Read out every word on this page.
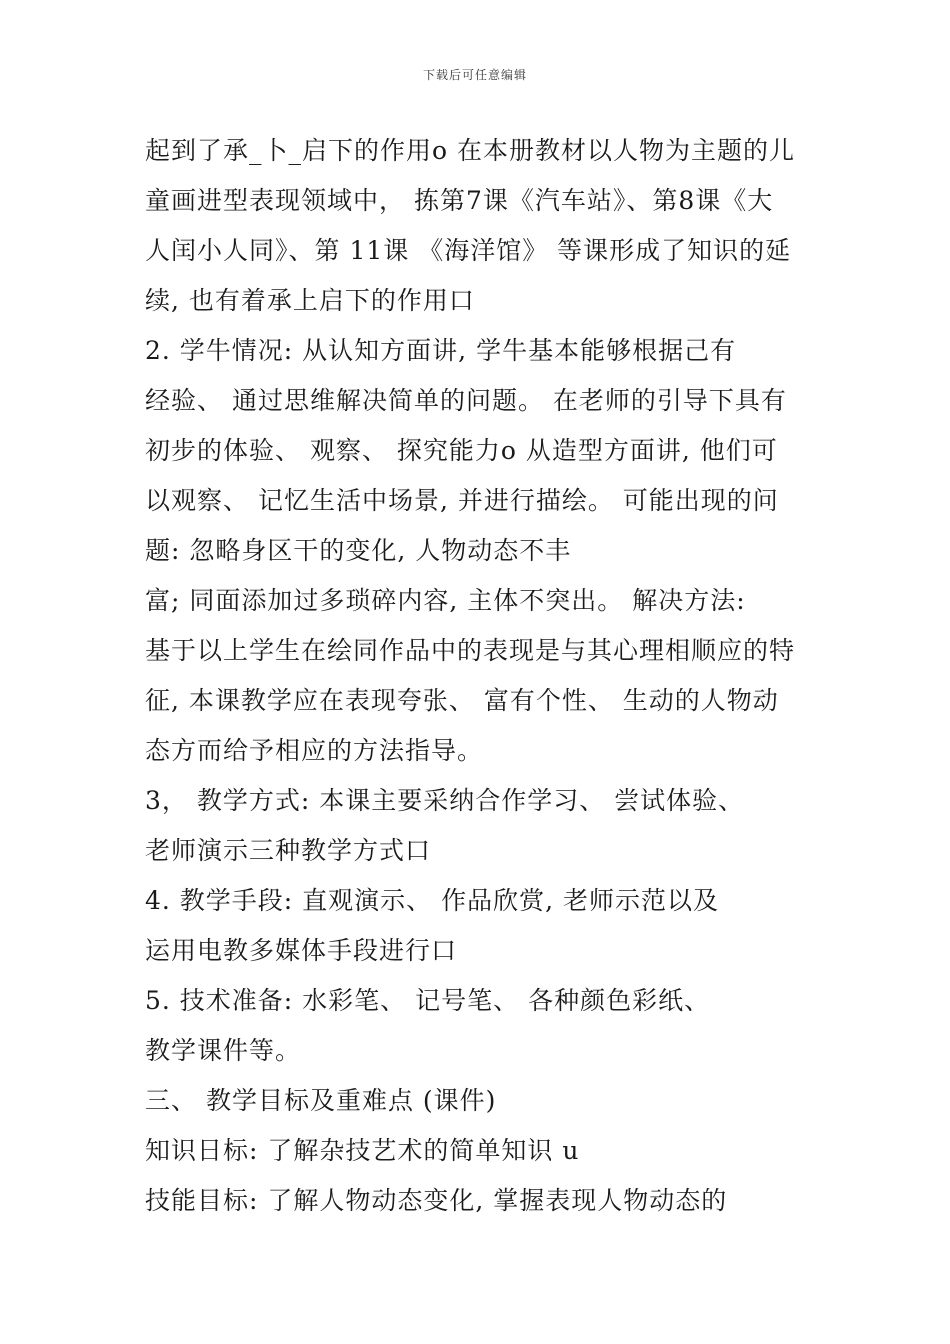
下载后可任意编辑
起到了承_卜_启下的作用o 在本册教材以人物为主题的儿
童画进型表现领域中， 拣第7课《汽车站》、第8课《大
人闰小人同》、第 11课 《海洋馆》 等课形成了知识的延
续, 也有着承上启下的作用口
2. 学牛情况: 从认知方面讲, 学牛基本能够根据己有
经验、 通过思维解决简单的问题。 在老师的引导下具有
初步的体验、 观察、 探究能力o 从造型方面讲, 他们可
以观察、 记忆生活中场景, 并进行描绘。 可能出现的问
题: 忽略身区干的变化, 人物动态不丰
富; 同面添加过多琐碎内容, 主体不突出。 解决方法:
基于以上学生在绘同作品中的表现是与其心理相顺应的特
征, 本课教学应在表现夸张、 富有个性、 生动的人物动
态方而给予相应的方法指导。
3， 教学方式: 本课主要采纳合作学习、 尝试体验、
老师演示三种教学方式口
4. 教学手段: 直观演示、 作品欣赏, 老师示范以及
运用电教多媒体手段进行口
5. 技术准备: 水彩笔、 记号笔、 各种颜色彩纸、
教学课件等。
三、 教学目标及重难点 (课件)
知识日标: 了解杂技艺术的简单知识 u
技能目标: 了解人物动态变化, 掌握表现人物动态的
